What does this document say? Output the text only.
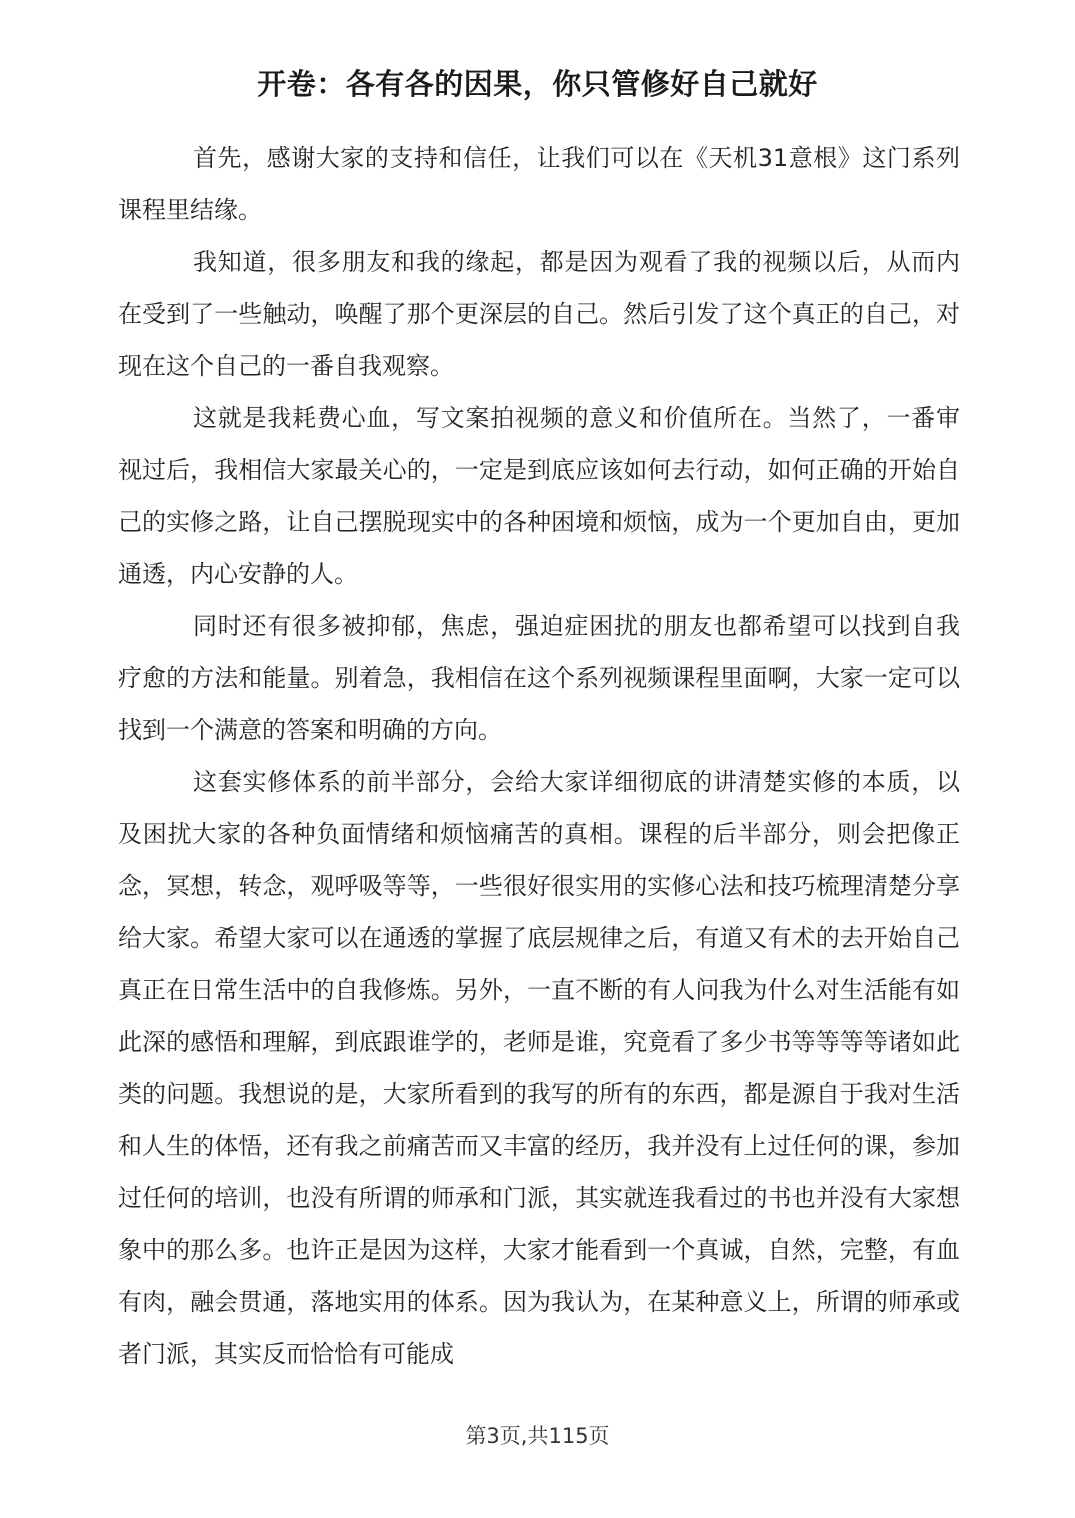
开卷：各有各的因果，你只管修好自己就好

首先，感谢大家的支持和信任，让我们可以在《天机31意根》这门系列课程里结缘。

我知道，很多朋友和我的缘起，都是因为观看了我的视频以后，从而内在受到了一些触动，唤醒了那个更深层的自己。然后引发了这个真正的自己，对现在这个自己的一番自我观察。

这就是我耗费心血，写文案拍视频的意义和价值所在。当然了，一番审视过后，我相信大家最关心的，一定是到底应该如何去行动，如何正确的开始自己的实修之路，让自己摆脱现实中的各种困境和烦恼，成为一个更加自由，更加通透，内心安静的人。

同时还有很多被抑郁，焦虑，强迫症困扰的朋友也都希望可以找到自我疗愈的方法和能量。别着急，我相信在这个系列视频课程里面啊，大家一定可以找到一个满意的答案和明确的方向。

这套实修体系的前半部分，会给大家详细彻底的讲清楚实修的本质，以及困扰大家的各种负面情绪和烦恼痛苦的真相。课程的后半部分，则会把像正念，冥想，转念，观呼吸等等，一些很好很实用的实修心法和技巧梳理清楚分享给大家。希望大家可以在通透的掌握了底层规律之后，有道又有术的去开始自己真正在日常生活中的自我修炼。另外，一直不断的有人问我为什么对生活能有如此深的感悟和理解，到底跟谁学的，老师是谁，究竟看了多少书等等等等诸如此类的问题。我想说的是，大家所看到的我写的所有的东西，都是源自于我对生活和人生的体悟，还有我之前痛苦而又丰富的经历，我并没有上过任何的课，参加过任何的培训，也没有所谓的师承和门派，其实就连我看过的书也并没有大家想象中的那么多。也许正是因为这样，大家才能看到一个真诚，自然，完整，有血有肉，融会贯通，落地实用的体系。因为我认为，在某种意义上，所谓的师承或者门派，其实反而恰恰有可能成

第3页,共115页
